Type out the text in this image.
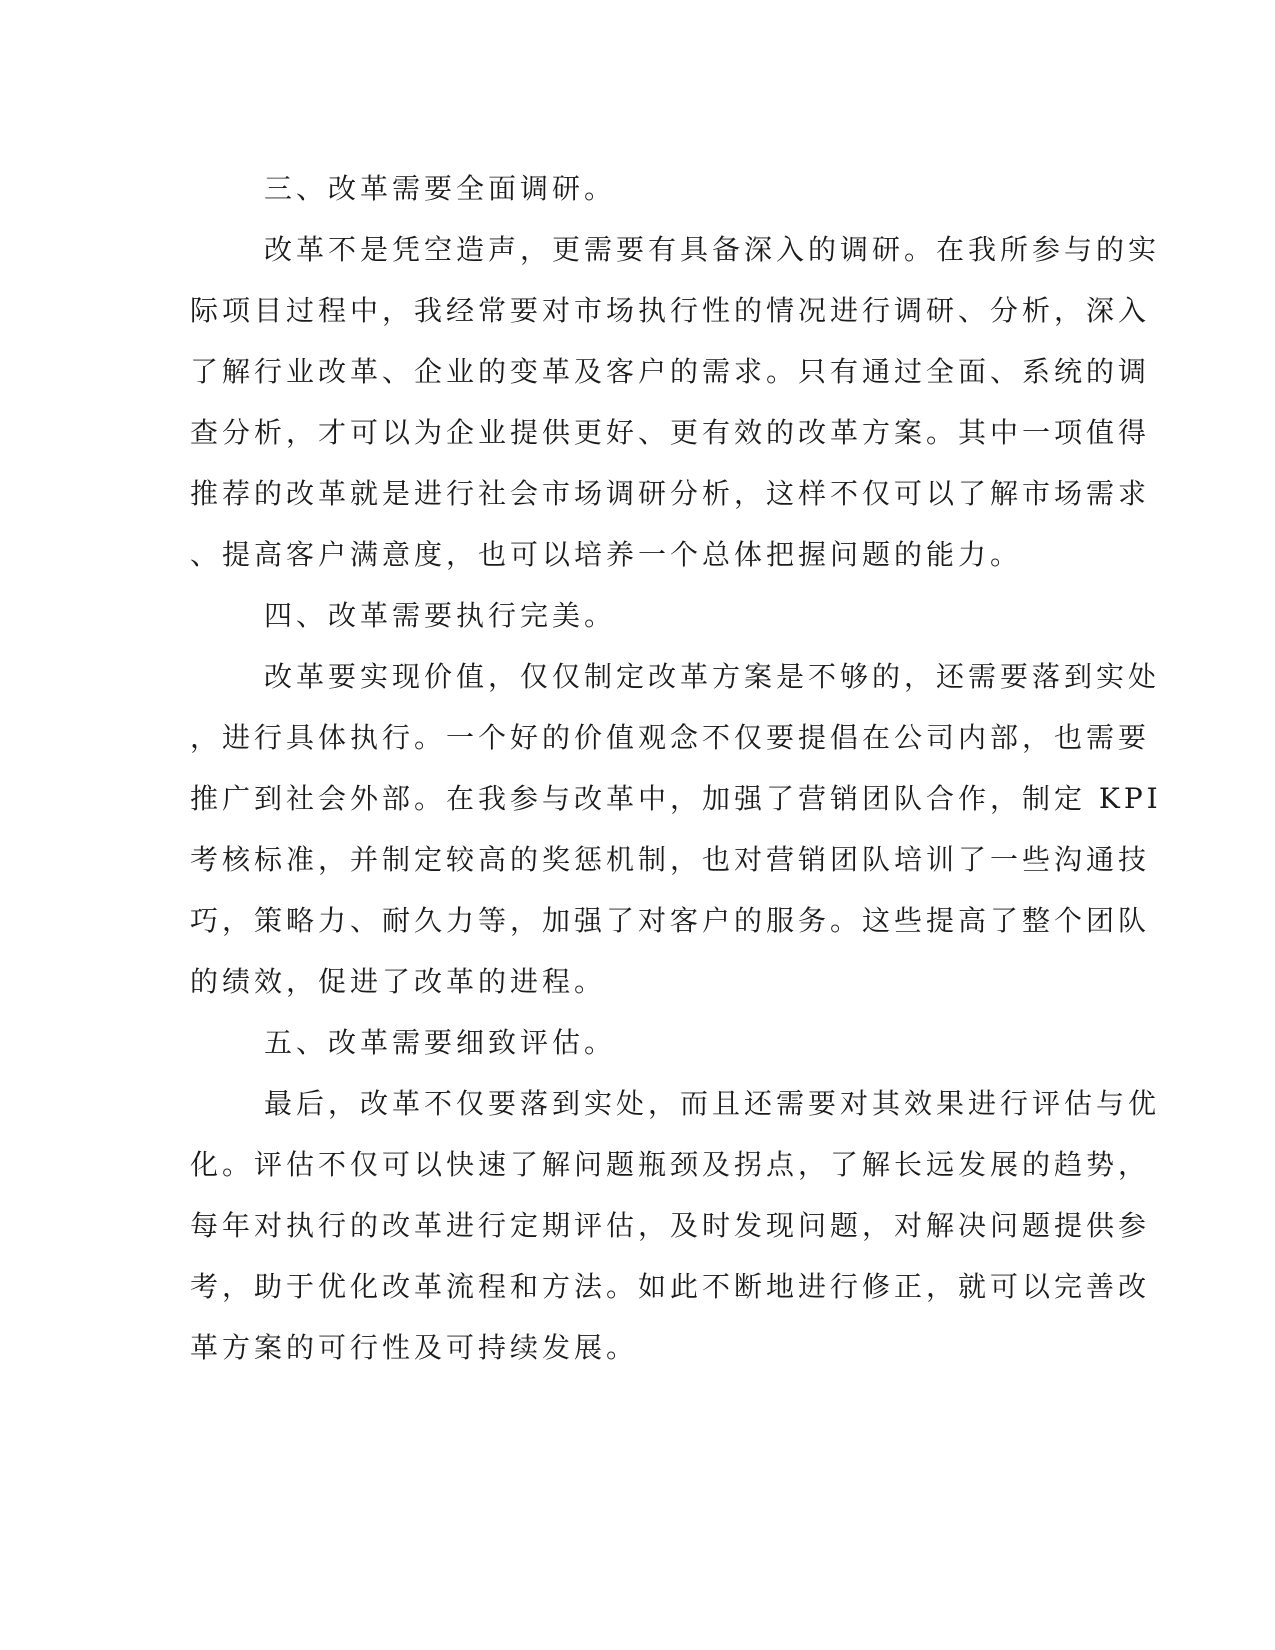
三、改革需要全面调研。
改革不是凭空造声，更需要有具备深入的调研。在我所参与的实
际项目过程中，我经常要对市场执行性的情况进行调研、分析，深入
了解行业改革、企业的变革及客户的需求。只有通过全面、系统的调
查分析，才可以为企业提供更好、更有效的改革方案。其中一项值得
推荐的改革就是进行社会市场调研分析，这样不仅可以了解市场需求
、提高客户满意度，也可以培养一个总体把握问题的能力。
四、改革需要执行完美。
改革要实现价值，仅仅制定改革方案是不够的，还需要落到实处
，进行具体执行。一个好的价值观念不仅要提倡在公司内部，也需要
推广到社会外部。在我参与改革中，加强了营销团队合作，制定 KPI
考核标准，并制定较高的奖惩机制，也对营销团队培训了一些沟通技
巧，策略力、耐久力等，加强了对客户的服务。这些提高了整个团队
的绩效，促进了改革的进程。
五、改革需要细致评估。
最后，改革不仅要落到实处，而且还需要对其效果进行评估与优
化。评估不仅可以快速了解问题瓶颈及拐点，了解长远发展的趋势，
每年对执行的改革进行定期评估，及时发现问题，对解决问题提供参
考，助于优化改革流程和方法。如此不断地进行修正，就可以完善改
革方案的可行性及可持续发展。
